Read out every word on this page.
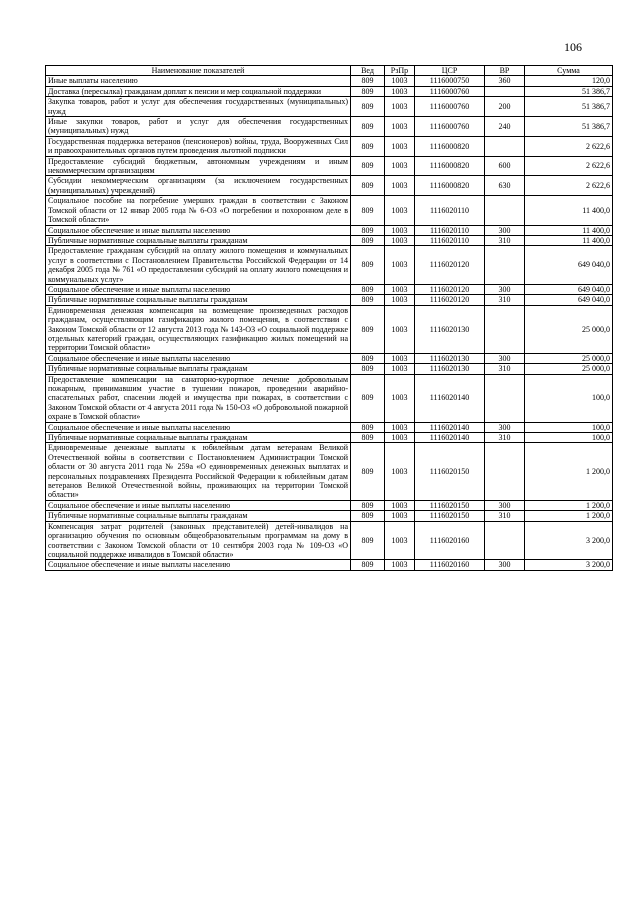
106
Наименование показателей	Вед	РзПр	ЦСР	ВР	Сумма
Иные выплаты населению	809	1003	1116000750	360	120,0
Доставка (пересылка) гражданам доплат к пенсии и мер социальной поддержки	809	1003	1116000760		51 386,7
Закупка товаров, работ и услуг для обеспечения государственных (муниципальных) нужд	809	1003	1116000760	200	51 386,7
Иные закупки товаров, работ и услуг для обеспечения государственных (муниципальных) нужд	809	1003	1116000760	240	51 386,7
Государственная поддержка ветеранов (пенсионеров) войны, труда, Вооруженных Сил и правоохранительных органов путем проведения льготной подписки	809	1003	1116000820		2 622,6
Предоставление субсидий бюджетным, автономным учреждениям и иным некоммерческим организациям	809	1003	1116000820	600	2 622,6
Субсидии некоммерческим организациям (за исключением государственных (муниципальных) учреждений)	809	1003	1116000820	630	2 622,6
Социальное пособие на погребение умерших граждан в соответствии с Законом Томской области от 12 январ 2005 года № 6-ОЗ «О погребении и похоронном деле в Томской области»	809	1003	1116020110		11 400,0
Социальное обеспечение и иные выплаты населению	809	1003	1116020110	300	11 400,0
Публичные нормативные социальные выплаты гражданам	809	1003	1116020110	310	11 400,0
Предоставление гражданам субсидий на оплату жилого помещения и коммунальных услуг в соответствии с Постановлением Правительства Российской Федерации от 14 декабря 2005 года № 761 «О предоставлении субсидий на оплату жилого помещения и коммунальных услуг»	809	1003	1116020120		649 040,0
Социальное обеспечение и иные выплаты населению	809	1003	1116020120	300	649 040,0
Публичные нормативные социальные выплаты гражданам	809	1003	1116020120	310	649 040,0
Единовременная денежная компенсация на возмещение произведенных расходов гражданам, осуществляющим газификацию жилого помещения, в соответствии с Законом Томской области от 12 августа 2013 года № 143-ОЗ «О социальной поддержке отдельных категорий граждан, осуществляющих газификацию жилых помещений на территории Томской области»	809	1003	1116020130		25 000,0
Социальное обеспечение и иные выплаты населению	809	1003	1116020130	300	25 000,0
Публичные нормативные социальные выплаты гражданам	809	1003	1116020130	310	25 000,0
Предоставление компенсации на санаторно-курортное лечение добровольным пожарным, принимавшим участие в тушении пожаров, проведении аварийно-спасательных работ, спасении людей и имущества при пожарах, в соответствии с Законом Томской области от 4 августа 2011 года № 150-ОЗ «О добровольной пожарной охране в Томской области»	809	1003	1116020140		100,0
Социальное обеспечение и иные выплаты населению	809	1003	1116020140	300	100,0
Публичные нормативные социальные выплаты гражданам	809	1003	1116020140	310	100,0
Единовременные денежные выплаты к юбилейным датам ветеранам Великой Отечественной войны в соответствии с Постановлением Администрации Томской области от 30 августа 2011 года № 259а «О единовременных денежных выплатах и персональных поздравлениях Президента Российской Федерации к юбилейным датам ветеранов Великой Отечественной войны, проживающих на территории Томской области»	809	1003	1116020150		1 200,0
Социальное обеспечение и иные выплаты населению	809	1003	1116020150	300	1 200,0
Публичные нормативные социальные выплаты гражданам	809	1003	1116020150	310	1 200,0
Компенсация затрат родителей (законных представителей) детей-инвалидов на организацию обучения по основным общеобразовательным программам на дому в соответствии с Законом Томской области от 10 сентября 2003 года № 109-ОЗ «О социальной поддержке инвалидов в Томской области»	809	1003	1116020160		3 200,0
Социальное обеспечение и иные выплаты населению	809	1003	1116020160	300	3 200,0
